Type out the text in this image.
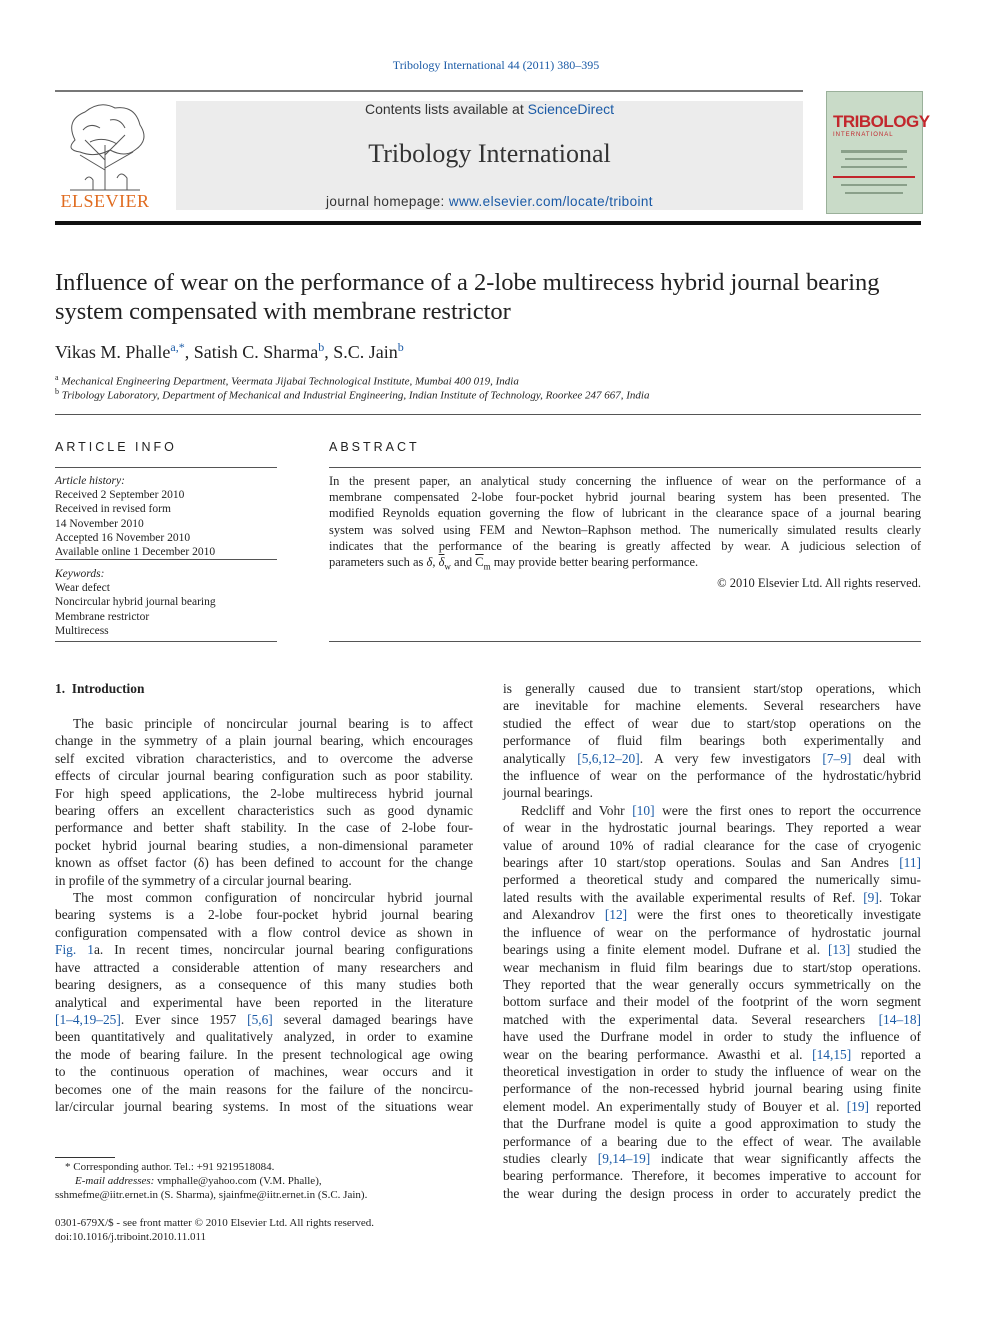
Tribology International 44 (2011) 380–395
ELSEVIER
Contents lists available at ScienceDirect
Tribology International
journal homepage: www.elsevier.com/locate/triboint
TRIBOLOGY
INTERNATIONAL
Influence of wear on the performance of a 2-lobe multirecess hybrid journal bearing system compensated with membrane restrictor
Vikas M. Phalle$^{a,*}$, Satish C. Sharma$^b$, S.C. Jain$^b$
$^a$ Mechanical Engineering Department, Veermata Jijabai Technological Institute, Mumbai 400 019, India
$^b$ Tribology Laboratory, Department of Mechanical and Industrial Engineering, Indian Institute of Technology, Roorkee 247 667, India
ARTICLE INFO
Article history:
Received 2 September 2010
Received in revised form
14 November 2010
Accepted 16 November 2010
Available online 1 December 2010
Keywords:
Wear defect
Noncircular hybrid journal bearing
Membrane restrictor
Multirecess
ABSTRACT
In the present paper, an analytical study concerning the influence of wear on the performance of a
membrane compensated 2-lobe four-pocket hybrid journal bearing system has been presented. The
modified Reynolds equation governing the flow of lubricant in the clearance space of a journal bearing
system was solved using FEM and Newton–Raphson method. The numerically simulated results clearly
indicates that the performance of the bearing is greatly affected by wear. A judicious selection of
parameters such as δ, $\overline{\delta}_w$ and $\overline{C}_m$ may provide better bearing performance.
© 2010 Elsevier Ltd. All rights reserved.
1. Introduction
The basic principle of noncircular journal bearing is to affect
change in the symmetry of a plain journal bearing, which encourages
self excited vibration characteristics, and to overcome the adverse
effects of circular journal bearing configuration such as poor stability.
For high speed applications, the 2-lobe multirecess hybrid journal
bearing offers an excellent characteristics such as good dynamic
performance and better shaft stability. In the case of 2-lobe four-
pocket hybrid journal bearing studies, a non-dimensional parameter
known as offset factor (δ) has been defined to account for the change
in profile of the symmetry of a circular journal bearing.
The most common configuration of noncircular hybrid journal
bearing systems is a 2-lobe four-pocket hybrid journal bearing
configuration compensated with a flow control device as shown in
Fig. 1a. In recent times, noncircular journal bearing configurations
have attracted a considerable attention of many researchers and
bearing designers, as a consequence of this many studies both
analytical and experimental have been reported in the literature
[1–4,19–25]. Ever since 1957 [5,6] several damaged bearings have
been quantitatively and qualitatively analyzed, in order to examine
the mode of bearing failure. In the present technological age owing
to the continuous operation of machines, wear occurs and it
becomes one of the main reasons for the failure of the noncircu-
lar/circular journal bearing systems. In most of the situations wear
is generally caused due to transient start/stop operations, which
are inevitable for machine elements. Several researchers have
studied the effect of wear due to start/stop operations on the
performance of fluid film bearings both experimentally and
analytically [5,6,12–20]. A very few investigators [7–9] deal with
the influence of wear on the performance of the hydrostatic/hybrid
journal bearings.
Redcliff and Vohr [10] were the first ones to report the occurrence
of wear in the hydrostatic journal bearings. They reported a wear
value of around 10% of radial clearance for the case of cryogenic
bearings after 10 start/stop operations. Soulas and San Andres [11]
performed a theoretical study and compared the numerically simu-
lated results with the available experimental results of Ref. [9]. Tokar
and Alexandrov [12] were the first ones to theoretically investigate
the influence of wear on the performance of hydrostatic journal
bearings using a finite element model. Dufrane et al. [13] studied the
wear mechanism in fluid film bearings due to start/stop operations.
They reported that the wear generally occurs symmetrically on the
bottom surface and their model of the footprint of the worn segment
matched with the experimental data. Several researchers [14–18]
have used the Durfrane model in order to study the influence of
wear on the bearing performance. Awasthi et al. [14,15] reported a
theoretical investigation in order to study the influence of wear on the
performance of the non-recessed hybrid journal bearing using finite
element model. An experimentally study of Bouyer et al. [19] reported
that the Durfrane model is quite a good approximation to study the
performance of a bearing due to the effect of wear. The available
studies clearly [9,14–19] indicate that wear significantly affects the
bearing performance. Therefore, it becomes imperative to account for
the wear during the design process in order to accurately predict the
* Corresponding author. Tel.: +91 9219518084.
E-mail addresses: vmphalle@yahoo.com (V.M. Phalle),
sshmefme@iitr.ernet.in (S. Sharma), sjainfme@iitr.ernet.in (S.C. Jain).
0301-679X/$ - see front matter © 2010 Elsevier Ltd. All rights reserved.
doi:10.1016/j.triboint.2010.11.011
